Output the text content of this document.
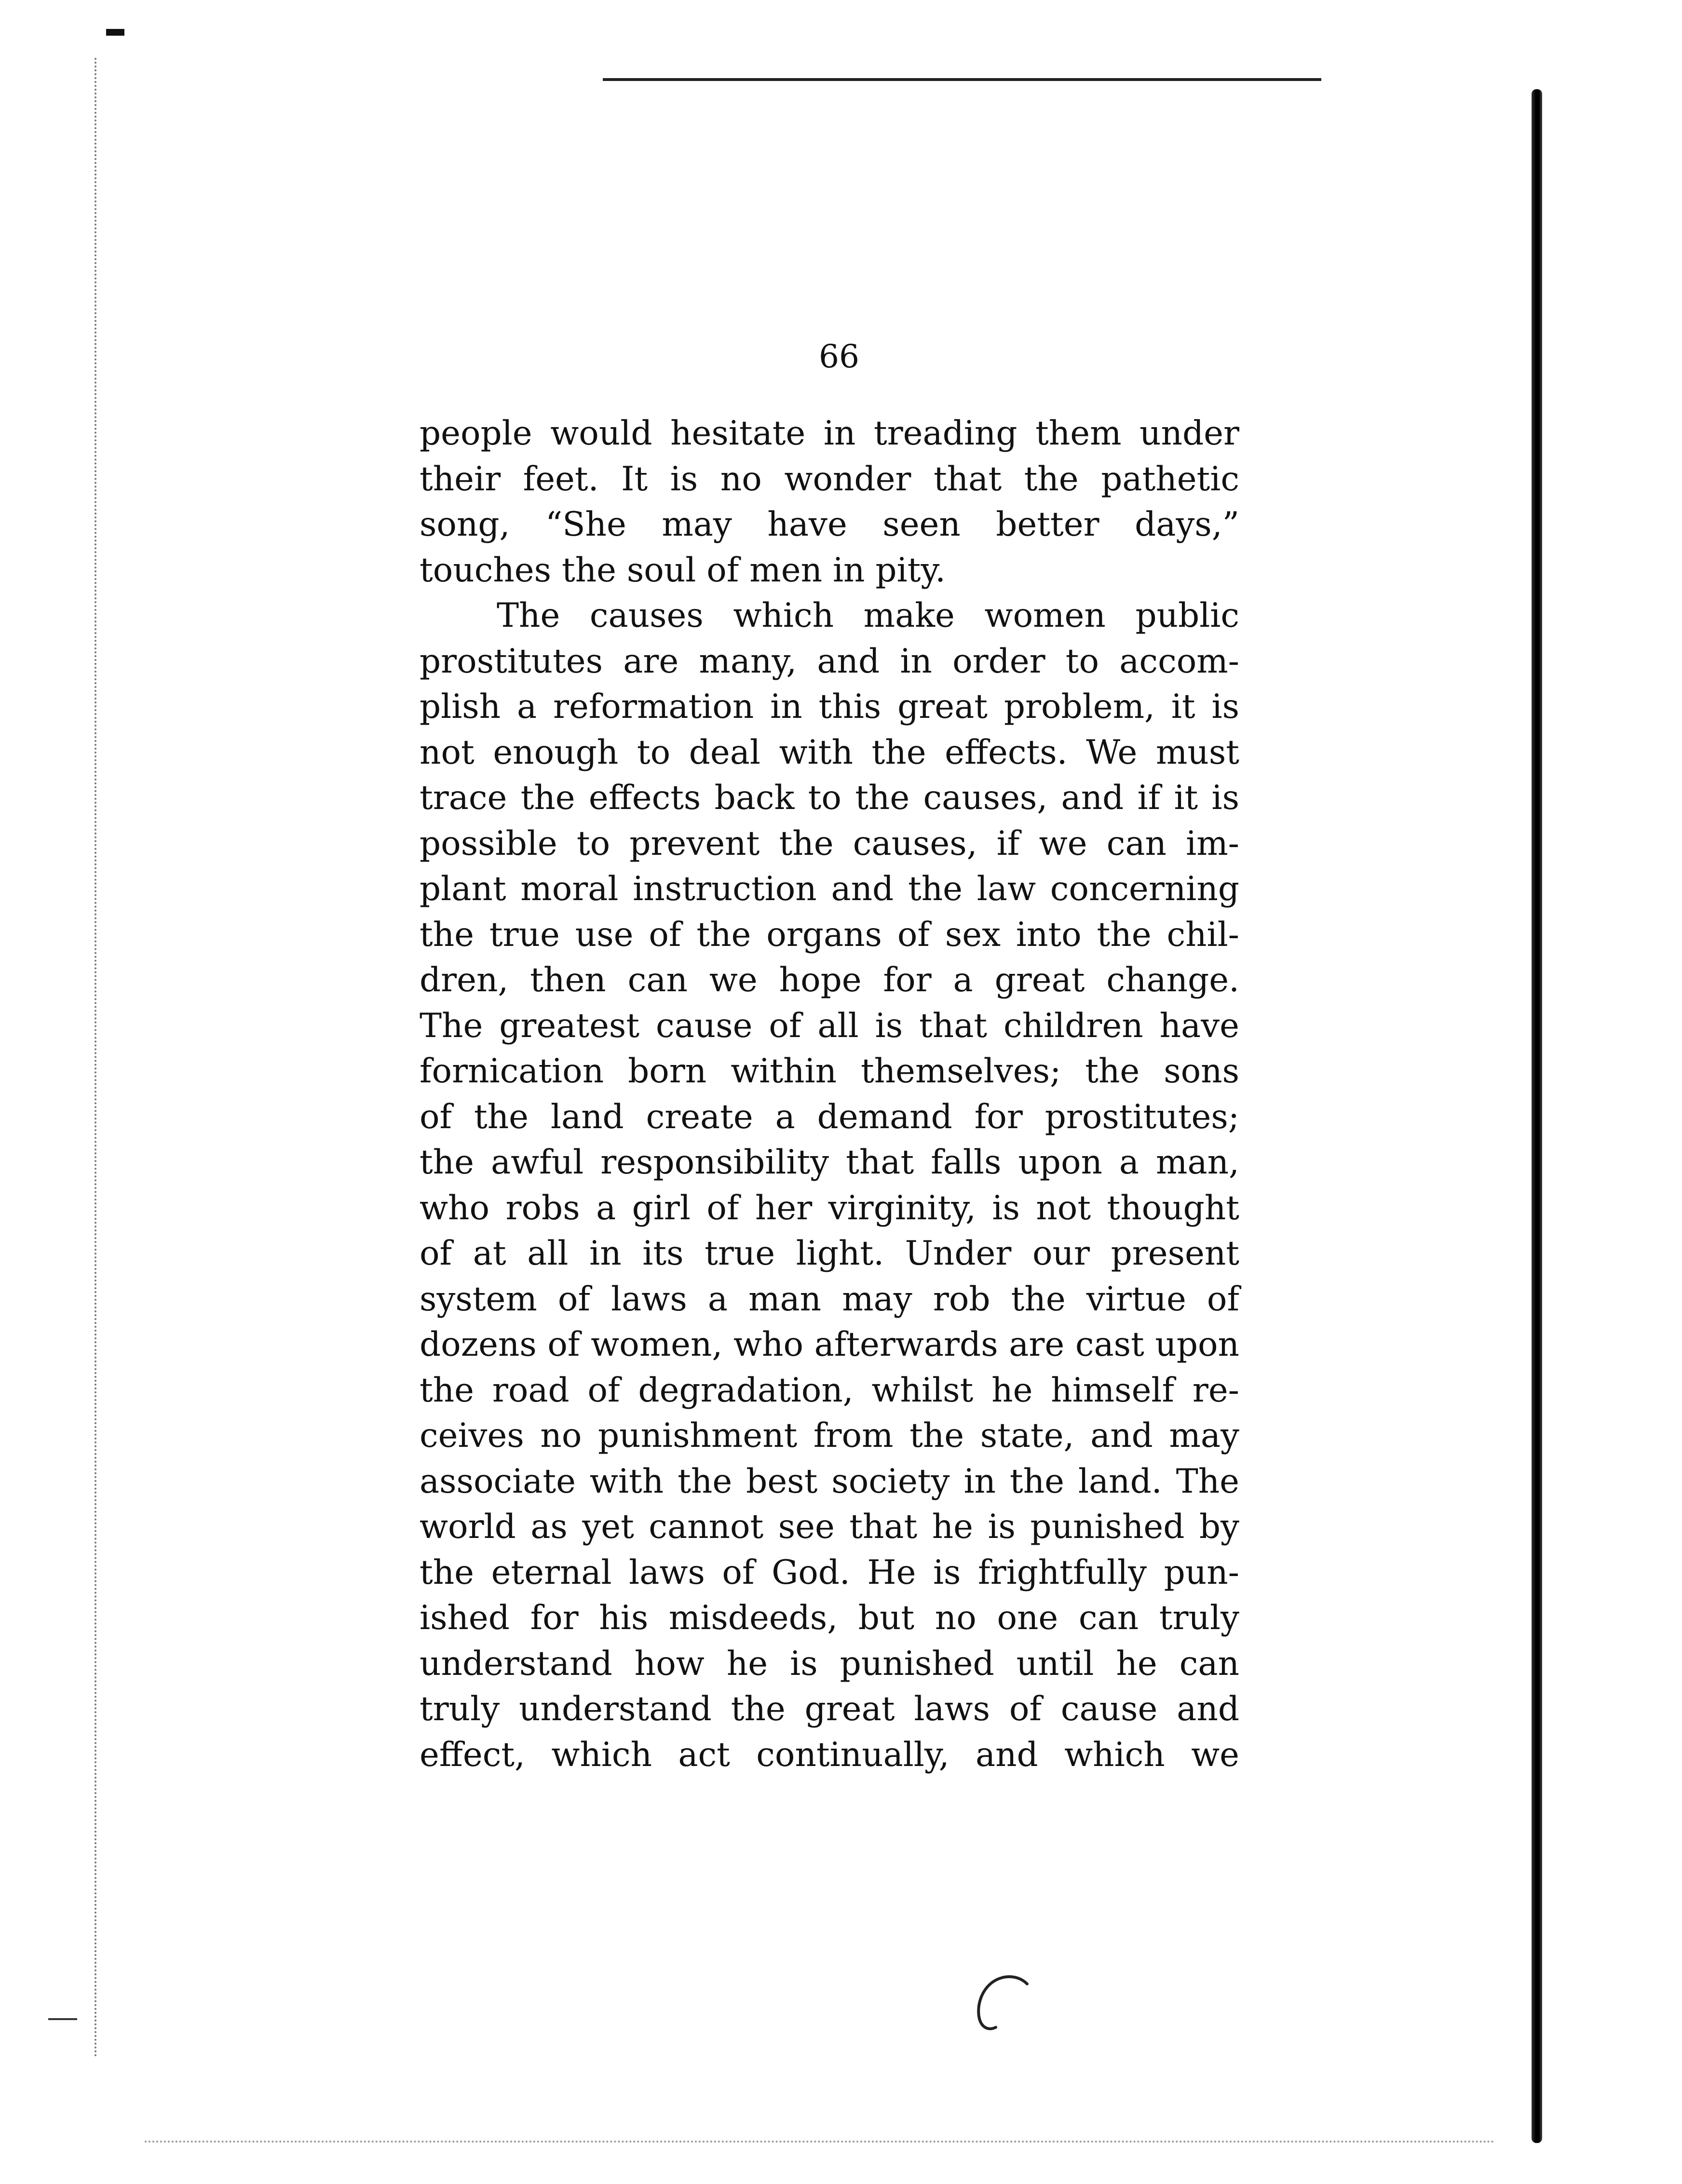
66
people would hesitate in treading them under
their feet. It is no wonder that the pathetic
song, “She may have seen better days,”
touches the soul of men in pity.
The causes which make women public
prostitutes are many, and in order to accom-
plish a reformation in this great problem, it is
not enough to deal with the effects. We must
trace the effects back to the causes, and if it is
possible to prevent the causes, if we can im-
plant moral instruction and the law concerning
the true use of the organs of sex into the chil-
dren, then can we hope for a great change.
The greatest cause of all is that children have
fornication born within themselves; the sons
of the land create a demand for prostitutes;
the awful responsibility that falls upon a man,
who robs a girl of her virginity, is not thought
of at all in its true light. Under our present
system of laws a man may rob the virtue of
dozens of women, who afterwards are cast upon
the road of degradation, whilst he himself re-
ceives no punishment from the state, and may
associate with the best society in the land. The
world as yet cannot see that he is punished by
the eternal laws of God. He is frightfully pun-
ished for his misdeeds, but no one can truly
understand how he is punished until he can
truly understand the great laws of cause and
effect, which act continually, and which we
